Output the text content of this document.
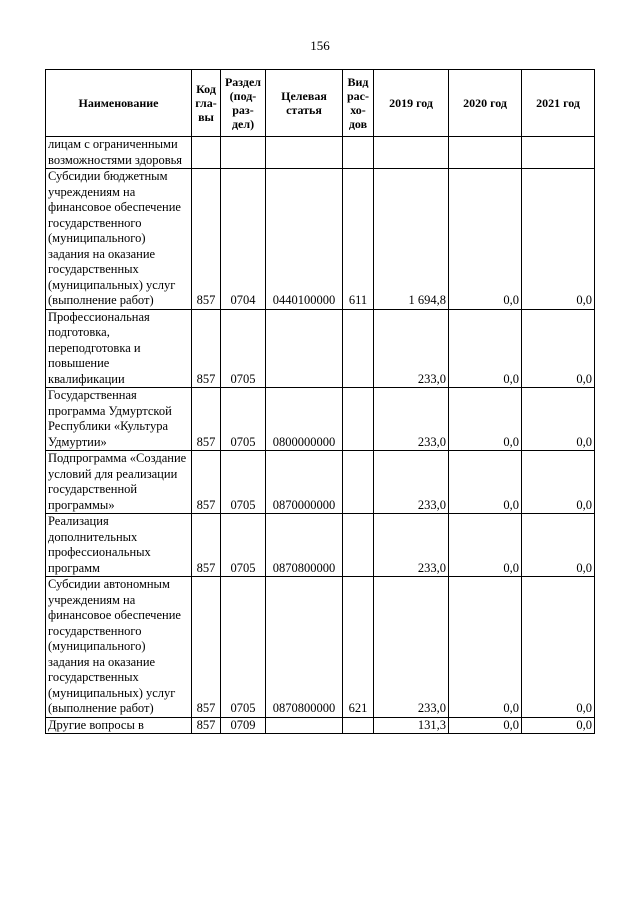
156
Наименование	Код гла-вы	Раздел (под-раз-дел)	Целевая статья	Вид рас-хо-дов	2019 год	2020 год	2021 год
лицам с ограниченными возможностями здоровья							
Субсидии бюджетным учреждениям на финансовое обеспечение государственного (муниципального) задания на оказание государственных (муниципальных) услуг (выполнение работ)	857	0704	0440100000	611	1 694,8	0,0	0,0
Профессиональная подготовка, переподготовка и повышение квалификации	857	0705			233,0	0,0	0,0
Государственная программа Удмуртской Республики «Культура Удмуртии»	857	0705	0800000000		233,0	0,0	0,0
Подпрограмма «Создание условий для реализации государственной программы»	857	0705	0870000000		233,0	0,0	0,0
Реализация дополнительных профессиональных программ	857	0705	0870800000		233,0	0,0	0,0
Субсидии автономным учреждениям на финансовое обеспечение государственного (муниципального) задания на оказание государственных (муниципальных) услуг (выполнение работ)	857	0705	0870800000	621	233,0	0,0	0,0
Другие вопросы в	857	0709			131,3	0,0	0,0
